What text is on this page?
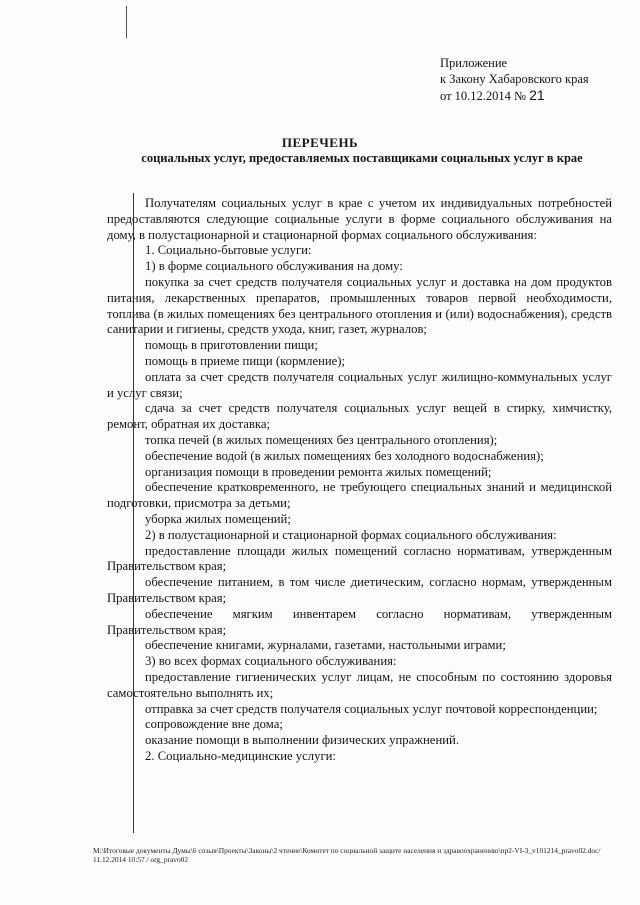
Приложение
к Закону Хабаровского края
от 10.12.2014 № 21
ПЕРЕЧЕНЬ
социальных услуг, предоставляемых поставщиками социальных услуг в крае

Получателям социальных услуг в крае с учетом их индивидуальных потребностей предоставляются следующие социальные услуги в форме социального обслуживания на дому, в полустационарной и стационарной формах социального обслуживания:

1. Социально-бытовые услуги:

1) в форме социального обслуживания на дому:

покупка за счет средств получателя социальных услуг и доставка на дом продуктов питания, лекарственных препаратов, промышленных товаров первой необходимости, топлива (в жилых помещениях без центрального отопления и (или) водоснабжения), средств санитарии и гигиены, средств ухода, книг, газет, журналов;

помощь в приготовлении пищи;

помощь в приеме пищи (кормление);

оплата за счет средств получателя социальных услуг жилищно-коммунальных услуг и услуг связи;

сдача за счет средств получателя социальных услуг вещей в стирку, химчистку, ремонт, обратная их доставка;

топка печей (в жилых помещениях без центрального отопления);

обеспечение водой (в жилых помещениях без холодного водоснабжения);

организация помощи в проведении ремонта жилых помещений;

обеспечение кратковременного, не требующего специальных знаний и медицинской подготовки, присмотра за детьми;

уборка жилых помещений;

2) в полустационарной и стационарной формах социального обслуживания:

предоставление площади жилых помещений согласно нормативам, утвержденным Правительством края;

обеспечение питанием, в том числе диетическим, согласно нормам, утвержденным Правительством края;

обеспечение мягким инвентарем согласно нормативам, утвержденным Правительством края;

обеспечение книгами, журналами, газетами, настольными играми;

3) во всех формах социального обслуживания:

предоставление гигиенических услуг лицам, не способным по состоянию здоровья самостоятельно выполнять их;

отправка за счет средств получателя социальных услуг почтовой корреспонденции;

сопровождение вне дома;

оказание помощи в выполнении физических упражнений.

2. Социально-медицинские услуги:

М:\Итоговые документы Думы\6 созыв\Проекты\Законы\2 чтение\Комитет по социальной защите населения и здравоохранению\пр2-VI-3_v101214_pravo02.doc/ 11.12.2014 10:57 / org_pravo02
